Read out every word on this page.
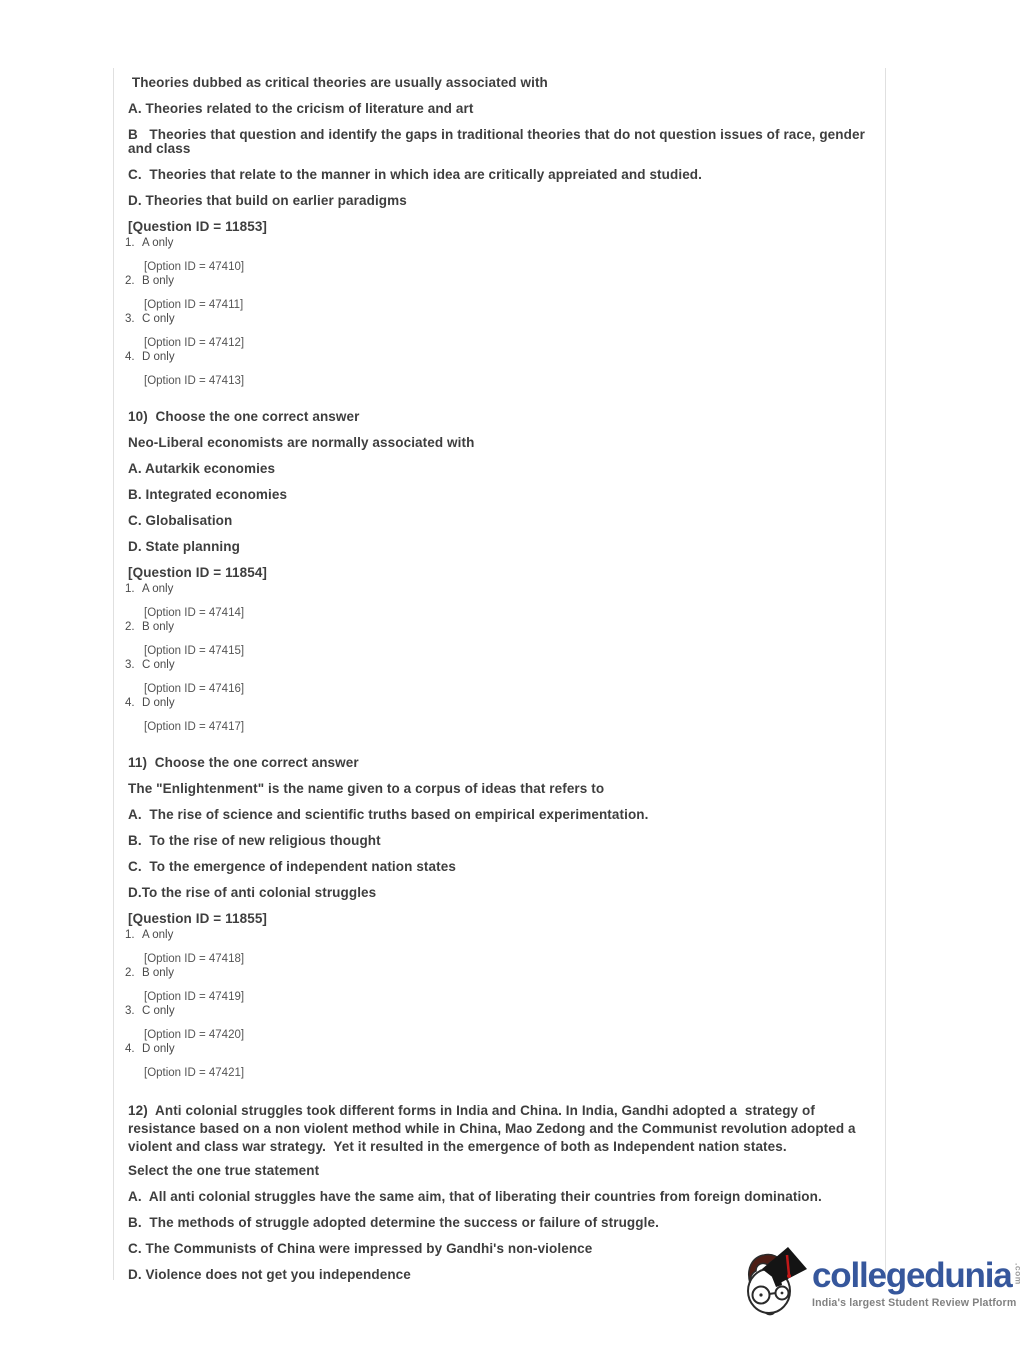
Theories dubbed as critical theories are usually associated with

A. Theories related to the cricism of literature and art

B   Theories that question and identify the gaps in traditional theories that do not question issues of race, gender and class

C.  Theories that relate to the manner in which idea are critically appreiated and studied.

D. Theories that build on earlier paradigms

[Question ID = 11853]

1. A only
[Option ID = 47410]
2. B only
[Option ID = 47411]
3. C only
[Option ID = 47412]
4. D only
[Option ID = 47413]

10)  Choose the one correct answer

Neo-Liberal economists are normally associated with

A. Autarkik economies

B. Integrated economies

C. Globalisation

D. State planning

[Question ID = 11854]

1. A only
[Option ID = 47414]
2. B only
[Option ID = 47415]
3. C only
[Option ID = 47416]
4. D only
[Option ID = 47417]

11)  Choose the one correct answer

The "Enlightenment" is the name given to a corpus of ideas that refers to

A.  The rise of science and scientific truths based on empirical experimentation.

B.  To the rise of new religious thought

C.  To the emergence of independent nation states

D.To the rise of anti colonial struggles

[Question ID = 11855]

1. A only
[Option ID = 47418]
2. B only
[Option ID = 47419]
3. C only
[Option ID = 47420]
4. D only
[Option ID = 47421]

12)  Anti colonial struggles took different forms in India and China. In India, Gandhi adopted a  strategy of resistance based on a non violent method while in China, Mao Zedong and the Communist revolution adopted a violent and class war strategy.  Yet it resulted in the emergence of both as Independent nation states.

Select the one true statement

A.  All anti colonial struggles have the same aim, that of liberating their countries from foreign domination.

B.  The methods of struggle adopted determine the success or failure of struggle.

C. The Communists of China were impressed by Gandhi's non-violence

D. Violence does not get you independence	collegedunia .com
India's largest Student Review Platform
